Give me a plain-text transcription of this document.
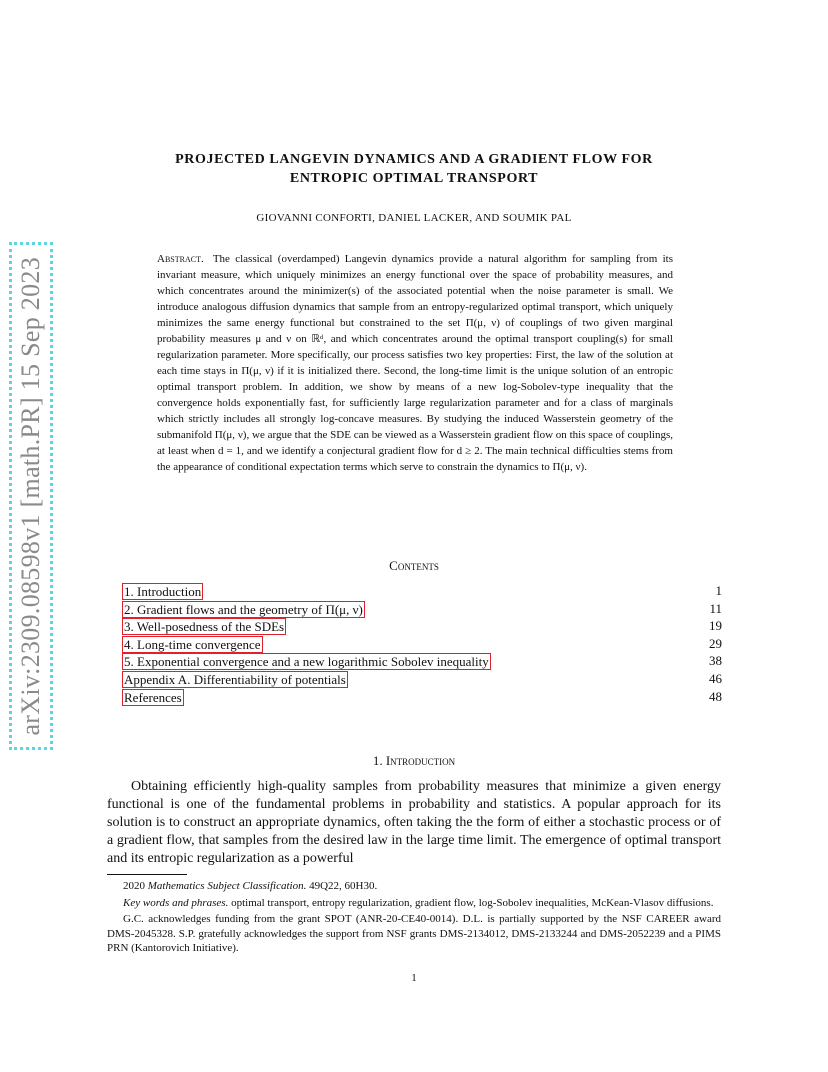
arXiv:2309.08598v1 [math.PR] 15 Sep 2023
PROJECTED LANGEVIN DYNAMICS AND A GRADIENT FLOW FOR
ENTROPIC OPTIMAL TRANSPORT
GIOVANNI CONFORTI, DANIEL LACKER, AND SOUMIK PAL
Abstract. The classical (overdamped) Langevin dynamics provide a natural algorithm for sampling from its invariant measure, which uniquely minimizes an energy functional over the space of probability measures, and which concentrates around the minimizer(s) of the associated potential when the noise parameter is small. We introduce analogous diffusion dynamics that sample from an entropy-regularized optimal transport, which uniquely minimizes the same energy functional but constrained to the set Π(μ, ν) of couplings of two given marginal probability measures μ and ν on ℝᵈ, and which concentrates around the optimal transport coupling(s) for small regularization parameter. More specifically, our process satisfies two key properties: First, the law of the solution at each time stays in Π(μ, ν) if it is initialized there. Second, the long-time limit is the unique solution of an entropic optimal transport problem. In addition, we show by means of a new log-Sobolev-type inequality that the convergence holds exponentially fast, for sufficiently large regularization parameter and for a class of marginals which strictly includes all strongly log-concave measures. By studying the induced Wasserstein geometry of the submanifold Π(μ, ν), we argue that the SDE can be viewed as a Wasserstein gradient flow on this space of couplings, at least when d = 1, and we identify a conjectural gradient flow for d ≥ 2. The main technical difficulties stems from the appearance of conditional expectation terms which serve to constrain the dynamics to Π(μ, ν).
Contents
1. Introduction	1
2. Gradient flows and the geometry of Π(μ, ν)	11
3. Well-posedness of the SDEs	19
4. Long-time convergence	29
5. Exponential convergence and a new logarithmic Sobolev inequality	38
Appendix A. Differentiability of potentials	46
References	48
1. Introduction
Obtaining efficiently high-quality samples from probability measures that minimize a given energy functional is one of the fundamental problems in probability and statistics. A popular approach for its solution is to construct an appropriate dynamics, often taking the the form of either a stochastic process or of a gradient flow, that samples from the desired law in the large time limit. The emergence of optimal transport and its entropic regularization as a powerful

2020 Mathematics Subject Classification. 49Q22, 60H30.

Key words and phrases. optimal transport, entropy regularization, gradient flow, log-Sobolev inequalities, McKean-Vlasov diffusions.

G.C. acknowledges funding from the grant SPOT (ANR-20-CE40-0014). D.L. is partially supported by the NSF CAREER award DMS-2045328. S.P. gratefully acknowledges the support from NSF grants DMS-2134012, DMS-2133244 and DMS-2052239 and a PIMS PRN (Kantorovich Initiative).

1
